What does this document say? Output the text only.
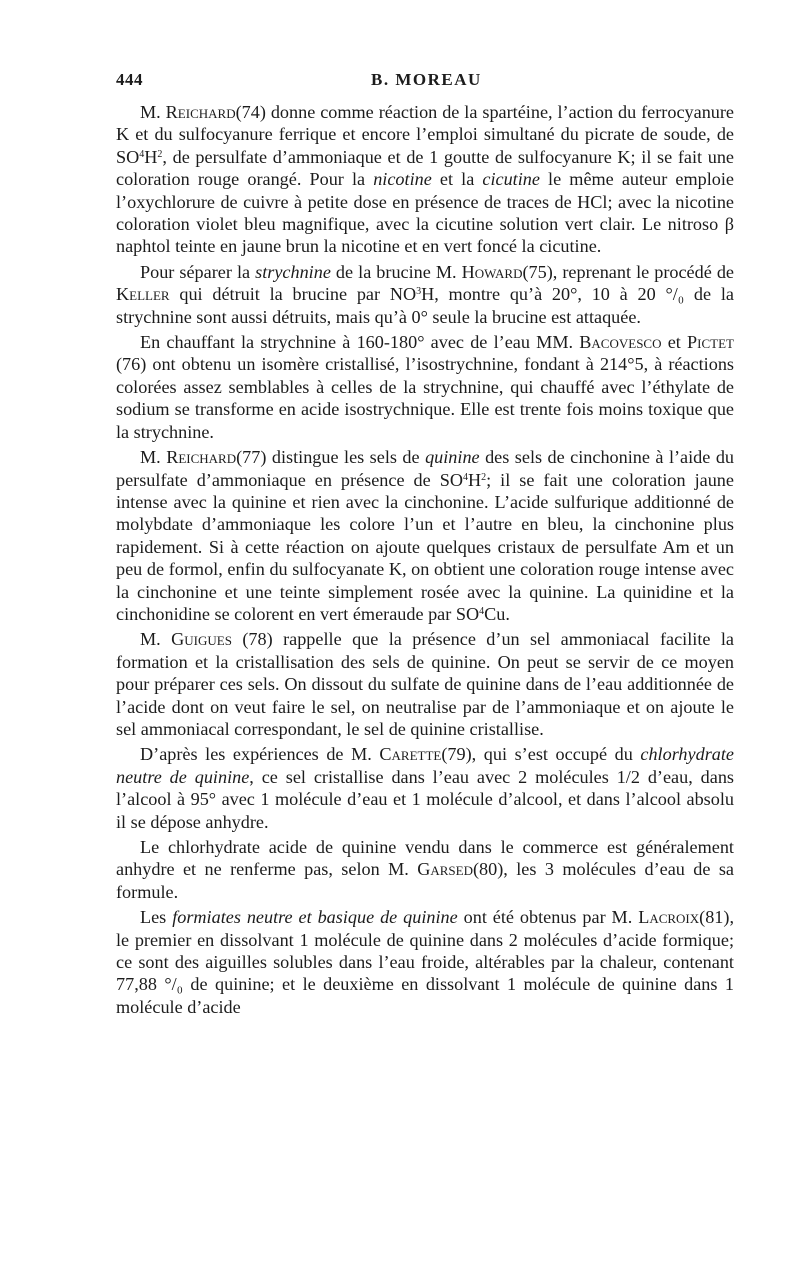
444	B. MOREAU

M. Reichard(74) donne comme réaction de la spartéine, l’action du ferrocyanure K et du sulfocyanure ferrique et encore l’emploi simultané du picrate de soude, de $SO^4H^2$, de persulfate d’ammoniaque et de 1 goutte de sulfocyanure K; il se fait une coloration rouge orangé. Pour la nicotine et la cicutine le même auteur emploie l’oxychlorure de cuivre à petite dose en présence de traces de HCl; avec la nicotine coloration violet bleu magnifique, avec la cicutine solution vert clair. Le nitroso β naphtol teinte en jaune brun la nicotine et en vert foncé la cicutine.

Pour séparer la strychnine de la brucine M. Howard(75), reprenant le procédé de Keller qui détruit la brucine par $NO^3H$, montre qu’à 20°, 10 à 20 °/₀ de la strychnine sont aussi détruits, mais qu’à 0° seule la brucine est attaquée.

En chauffant la strychnine à 160-180° avec de l’eau MM. Bacovesco et Pictet (76) ont obtenu un isomère cristallisé, l’isostrychnine, fondant à 214°5, à réactions colorées assez semblables à celles de la strychnine, qui chauffé avec l’éthylate de sodium se transforme en acide isostrychnique. Elle est trente fois moins toxique que la strychnine.

M. Reichard(77) distingue les sels de quinine des sels de cinchonine à l’aide du persulfate d’ammoniaque en présence de $SO^4H^2$; il se fait une coloration jaune intense avec la quinine et rien avec la cinchonine. L’acide sulfurique additionné de molybdate d’ammoniaque les colore l’un et l’autre en bleu, la cinchonine plus rapidement. Si à cette réaction on ajoute quelques cristaux de persulfate Am et un peu de formol, enfin du sulfocyanate K, on obtient une coloration rouge intense avec la cinchonine et une teinte simplement rosée avec la quinine. La quinidine et la cinchonidine se colorent en vert émeraude par $SO^4Cu$.

M. Guigues (78) rappelle que la présence d’un sel ammoniacal facilite la formation et la cristallisation des sels de quinine. On peut se servir de ce moyen pour préparer ces sels. On dissout du sulfate de quinine dans de l’eau additionnée de l’acide dont on veut faire le sel, on neutralise par de l’ammoniaque et on ajoute le sel ammoniacal correspondant, le sel de quinine cristallise.

D’après les expériences de M. Carette(79), qui s’est occupé du chlorhydrate neutre de quinine, ce sel cristallise dans l’eau avec 2 molécules 1/2 d’eau, dans l’alcool à 95° avec 1 molécule d’eau et 1 molécule d’alcool, et dans l’alcool absolu il se dépose anhydre.

Le chlorhydrate acide de quinine vendu dans le commerce est généralement anhydre et ne renferme pas, selon M. Garsed(80), les 3 molécules d’eau de sa formule.

Les formiates neutre et basique de quinine ont été obtenus par M. Lacroix(81), le premier en dissolvant 1 molécule de quinine dans 2 molécules d’acide formique; ce sont des aiguilles solubles dans l’eau froide, altérables par la chaleur, contenant 77,88 °/₀ de quinine; et le deuxième en dissolvant 1 molécule de quinine dans 1 molécule d’acide
